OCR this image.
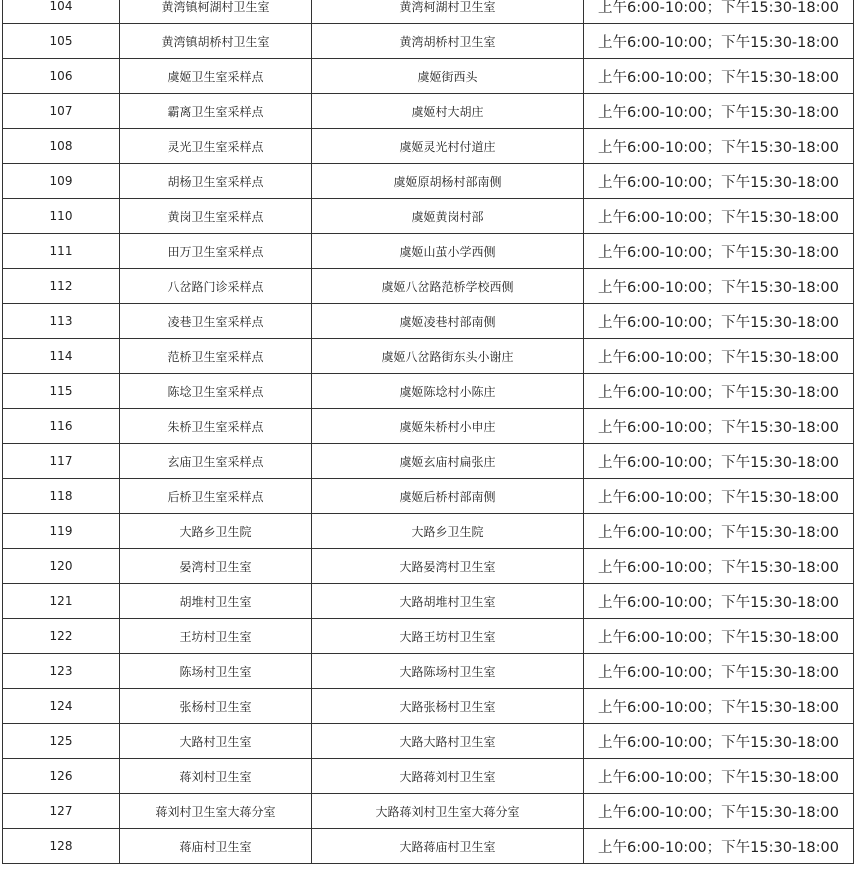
104	黄湾镇柯湖村卫生室	黄湾柯湖村卫生室	上午6:00-10:00；下午15:30-18:00
105	黄湾镇胡桥村卫生室	黄湾胡桥村卫生室	上午6:00-10:00；下午15:30-18:00
106	虞姬卫生室采样点	虞姬街西头	上午6:00-10:00；下午15:30-18:00
107	霸离卫生室采样点	虞姬村大胡庄	上午6:00-10:00；下午15:30-18:00
108	灵光卫生室采样点	虞姬灵光村付道庄	上午6:00-10:00；下午15:30-18:00
109	胡杨卫生室采样点	虞姬原胡杨村部南侧	上午6:00-10:00；下午15:30-18:00
110	黄岗卫生室采样点	虞姬黄岗村部	上午6:00-10:00；下午15:30-18:00
111	田万卫生室采样点	虞姬山茧小学西侧	上午6:00-10:00；下午15:30-18:00
112	八岔路门诊采样点	虞姬八岔路范桥学校西侧	上午6:00-10:00；下午15:30-18:00
113	凌巷卫生室采样点	虞姬凌巷村部南侧	上午6:00-10:00；下午15:30-18:00
114	范桥卫生室采样点	虞姬八岔路街东头小谢庄	上午6:00-10:00；下午15:30-18:00
115	陈埝卫生室采样点	虞姬陈埝村小陈庄	上午6:00-10:00；下午15:30-18:00
116	朱桥卫生室采样点	虞姬朱桥村小申庄	上午6:00-10:00；下午15:30-18:00
117	玄庙卫生室采样点	虞姬玄庙村扁张庄	上午6:00-10:00；下午15:30-18:00
118	后桥卫生室采样点	虞姬后桥村部南侧	上午6:00-10:00；下午15:30-18:00
119	大路乡卫生院	大路乡卫生院	上午6:00-10:00；下午15:30-18:00
120	晏湾村卫生室	大路晏湾村卫生室	上午6:00-10:00；下午15:30-18:00
121	胡堆村卫生室	大路胡堆村卫生室	上午6:00-10:00；下午15:30-18:00
122	王坊村卫生室	大路王坊村卫生室	上午6:00-10:00；下午15:30-18:00
123	陈场村卫生室	大路陈场村卫生室	上午6:00-10:00；下午15:30-18:00
124	张杨村卫生室	大路张杨村卫生室	上午6:00-10:00；下午15:30-18:00
125	大路村卫生室	大路大路村卫生室	上午6:00-10:00；下午15:30-18:00
126	蒋刘村卫生室	大路蒋刘村卫生室	上午6:00-10:00；下午15:30-18:00
127	蒋刘村卫生室大蒋分室	大路蒋刘村卫生室大蒋分室	上午6:00-10:00；下午15:30-18:00
128	蒋庙村卫生室	大路蒋庙村卫生室	上午6:00-10:00；下午15:30-18:00
